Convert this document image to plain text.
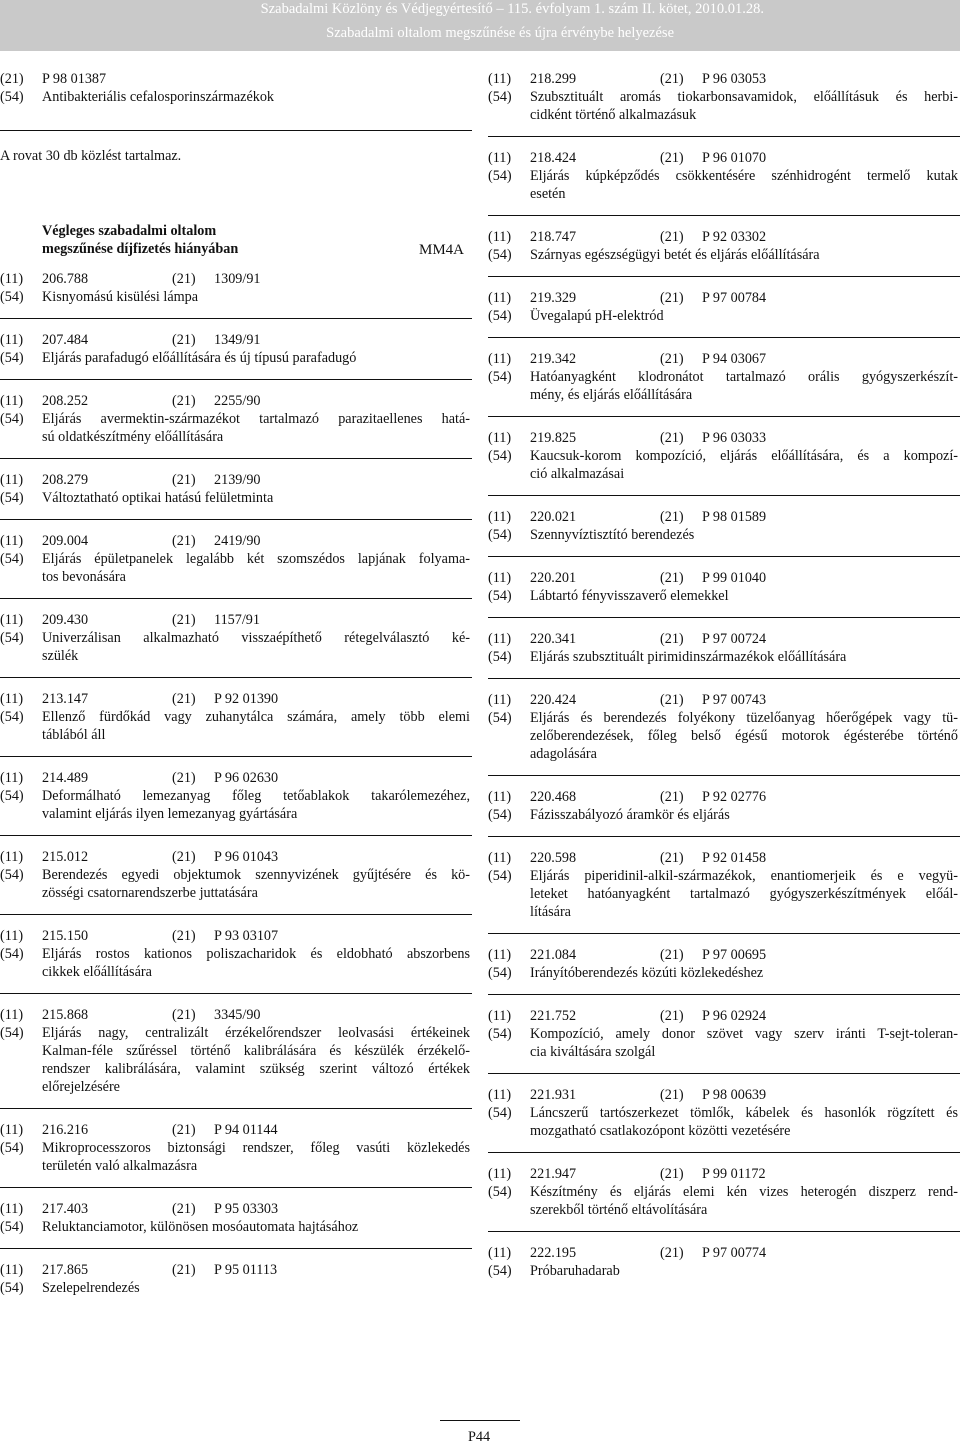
Szabadalmi Közlöny és Védjegyértesítő – 115. évfolyam 1. szám II. kötet, 2010.01.28.
Szabadalmi oltalom megszűnése és újra érvénybe helyezése
(21) P 98 01387
(54) Antibakteriális cefalosporinszármazékok
A rovat 30 db közlést tartalmaz.
Végleges szabadalmi oltalom
megszűnése díjfizetés hiányában	MM4A
(11) 206.788	(21) 1309/91
(54) Kisnyomású kisülési lámpa
(11) 207.484	(21) 1349/91
(54) Eljárás parafadugó előállítására és új típusú parafadugó
(11) 208.252	(21) 2255/90
(54) Eljárás avermektin-származékot tartalmazó parazitaellenes hatá-
sú oldatkészítmény előállítására
(11) 208.279	(21) 2139/90
(54) Változtatható optikai hatású felületminta
(11) 209.004	(21) 2419/90
(54) Eljárás épületpanelek legalább két szomszédos lapjának folyama-
tos bevonására
(11) 209.430	(21) 1157/91
(54) Univerzálisan alkalmazható visszaépíthető rétegelválasztó ké-
szülék
(11) 213.147	(21) P 92 01390
(54) Ellenző fürdőkád vagy zuhanytálca számára, amely több elemi
táblából áll
(11) 214.489	(21) P 96 02630
(54) Deformálható lemezanyag főleg tetőablakok takarólemezéhez,
valamint eljárás ilyen lemezanyag gyártására
(11) 215.012	(21) P 96 01043
(54) Berendezés egyedi objektumok szennyvizének gyűjtésére és kö-
zösségi csatornarendszerbe juttatására
(11) 215.150	(21) P 93 03107
(54) Eljárás rostos kationos poliszacharidok és eldobható abszorbens
cikkek előállítására
(11) 215.868	(21) 3345/90
(54) Eljárás nagy, centralizált érzékelőrendszer leolvasási értékeinek
Kalman-féle szűréssel történő kalibrálására és készülék érzékelő-
rendszer kalibrálására, valamint szükség szerint változó értékek
előrejelzésére
(11) 216.216	(21) P 94 01144
(54) Mikroprocesszoros biztonsági rendszer, főleg vasúti közlekedés
területén való alkalmazásra
(11) 217.403	(21) P 95 03303
(54) Reluktanciamotor, különösen mosóautomata hajtásához
(11) 217.865	(21) P 95 01113
(54) Szelepelrendezés
(11) 218.299	(21) P 96 03053
(54) Szubsztituált aromás tiokarbonsavamidok, előállításuk és herbi-
cidként történő alkalmazásuk
(11) 218.424	(21) P 96 01070
(54) Eljárás kúpképződés csökkentésére szénhidrogént termelő kutak
esetén
(11) 218.747	(21) P 92 03302
(54) Szárnyas egészségügyi betét és eljárás előállítására
(11) 219.329	(21) P 97 00784
(54) Üvegalapú pH-elektród
(11) 219.342	(21) P 94 03067
(54) Hatóanyagként klodronátot tartalmazó orális gyógyszerkészít-
mény, és eljárás előállítására
(11) 219.825	(21) P 96 03033
(54) Kaucsuk-korom kompozíció, eljárás előállítására, és a kompozí-
ció alkalmazásai
(11) 220.021	(21) P 98 01589
(54) Szennyvíztisztító berendezés
(11) 220.201	(21) P 99 01040
(54) Lábtartó fényvisszaverő elemekkel
(11) 220.341	(21) P 97 00724
(54) Eljárás szubsztituált pirimidinszármazékok előállítására
(11) 220.424	(21) P 97 00743
(54) Eljárás és berendezés folyékony tüzelőanyag hőerőgépek vagy tü-
zelőberendezések, főleg belső égésű motorok égésterébe történő
adagolására
(11) 220.468	(21) P 92 02776
(54) Fázisszabályozó áramkör és eljárás
(11) 220.598	(21) P 92 01458
(54) Eljárás piperidinil-alkil-származékok, enantiomerjeik és e vegyü-
leteket hatóanyagként tartalmazó gyógyszerkészítmények előál-
lítására
(11) 221.084	(21) P 97 00695
(54) Irányítóberendezés közúti közlekedéshez
(11) 221.752	(21) P 96 02924
(54) Kompozíció, amely donor szövet vagy szerv iránti T-sejt-toleran-
cia kiváltására szolgál
(11) 221.931	(21) P 98 00639
(54) Láncszerű tartószerkezet tömlők, kábelek és hasonlók rögzített és
mozgatható csatlakozópont közötti vezetésére
(11) 221.947	(21) P 99 01172
(54) Készítmény és eljárás elemi kén vizes heterogén diszperz rend-
szerekből történő eltávolítására
(11) 222.195	(21) P 97 00774
(54) Próbaruhadarab
P44
